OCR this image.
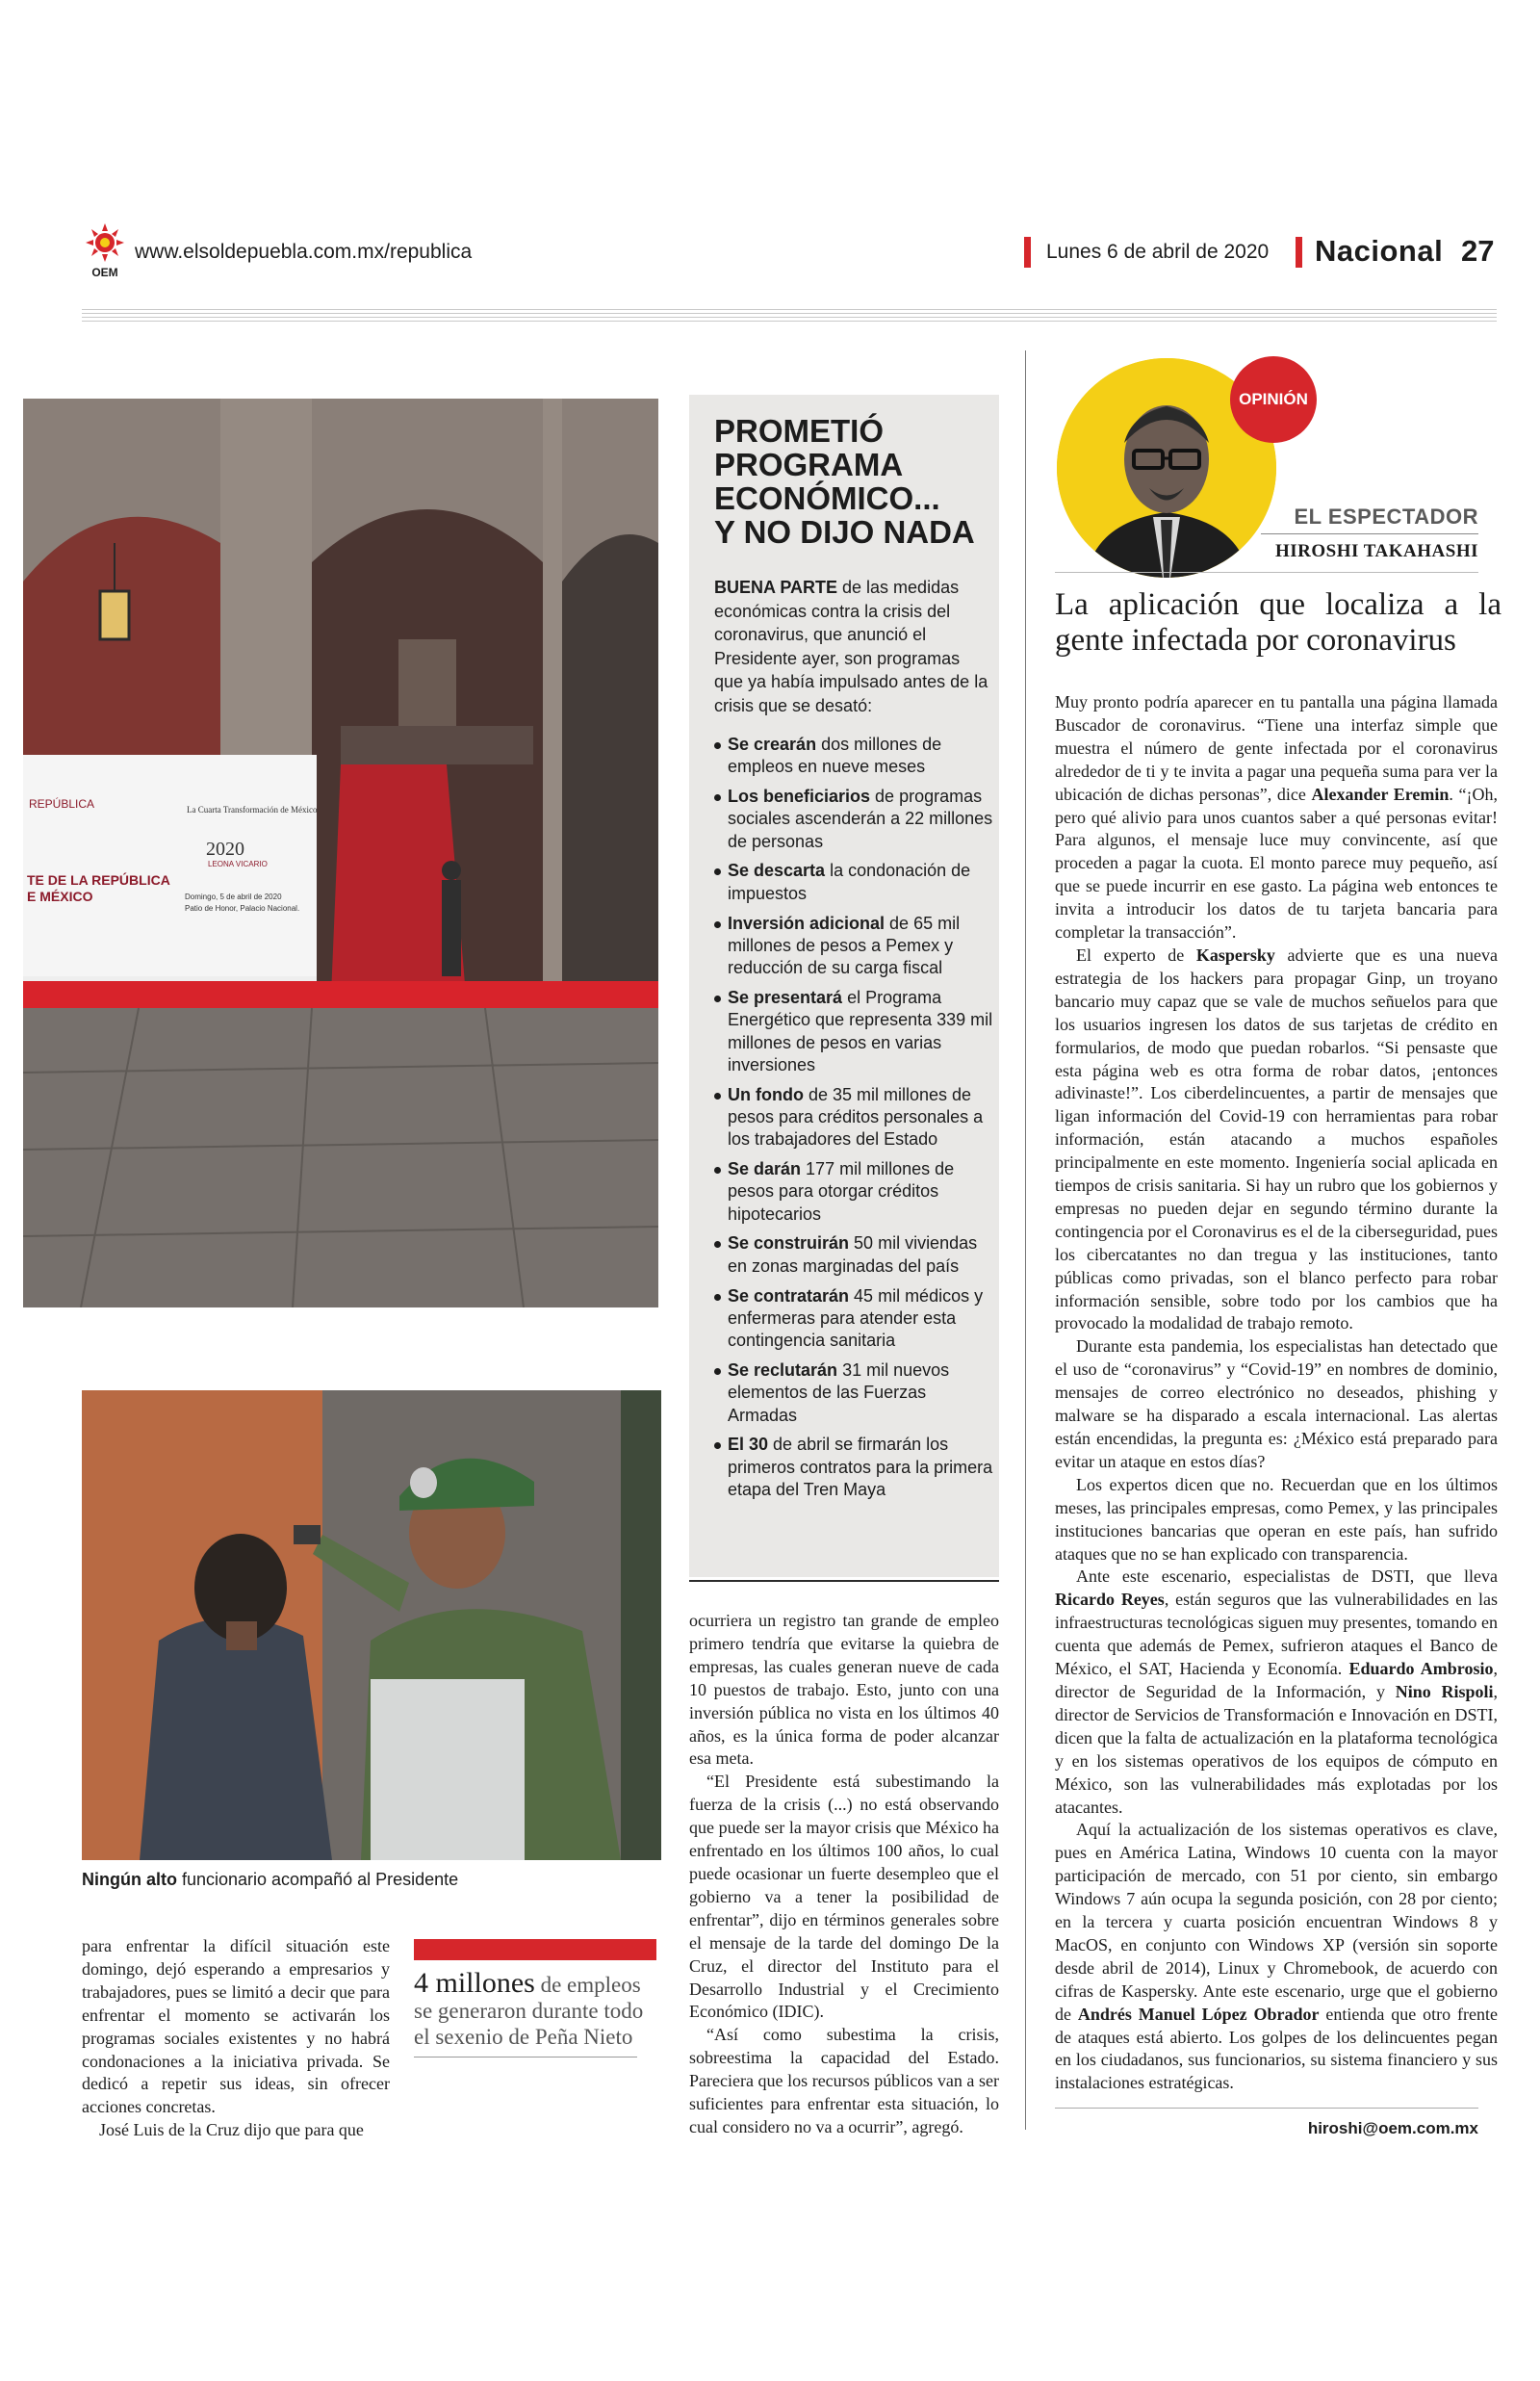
OEM
www.elsoldepuebla.com.mx/republica	Lunes 6 de abril de 2020 Nacional 27
REPÚBLICA	La Cuarta Transformación de México
2020
LEONA VICARIO
TE DE LA REPÚBLICA
E MÉXICO	Domingo, 5 de abril de 2020
Patio de Honor, Palacio Nacional.
Ningún alto funcionario acompañó al Presidente
PROMETIÓ
PROGRAMA
ECONÓMICO...
Y NO DIJO NADA
BUENA PARTE de las medidas económicas contra la crisis del coronavirus, que anunció el Presidente ayer, son programas que ya había impulsado antes de la crisis que se desató:
Se crearán dos millones de empleos en nueve meses
Los beneficiarios de programas sociales ascenderán a 22 millones de personas
Se descarta la condonación de impuestos
Inversión adicional de 65 mil millones de pesos a Pemex y reducción de su carga fiscal
Se presentará el Programa Energético que representa 339 mil millones de pesos en varias inversiones
Un fondo de 35 mil millones de pesos para créditos personales a los trabajadores del Estado
Se darán 177 mil millones de pesos para otorgar créditos hipotecarios
Se construirán 50 mil viviendas en zonas marginadas del país
Se contratarán 45 mil médicos y enfermeras para atender esta contingencia sanitaria
Se reclutarán 31 mil nuevos elementos de las Fuerzas Armadas
El 30 de abril se firmarán los primeros contratos para la primera etapa del Tren Maya

para enfrentar la difícil situación este domingo, dejó esperando a empresarios y trabajadores, pues se limitó a decir que para enfrentar el momento se activarán los programas sociales existentes y no habrá condonaciones a la iniciativa privada. Se dedicó a repetir sus ideas, sin ofrecer acciones concretas.

José Luis de la Cruz dijo que para que

4 millones de empleos se generaron durante todo el sexenio de Peña Nieto

ocurriera un registro tan grande de empleo primero tendría que evitarse la quiebra de empresas, las cuales generan nueve de cada 10 puestos de trabajo. Esto, junto con una inversión pública no vista en los últimos 40 años, es la única forma de poder alcanzar esa meta.

“El Presidente está subestimando la fuerza de la crisis (...) no está observando que puede ser la mayor crisis que México ha enfrentado en los últimos 100 años, lo cual puede ocasionar un fuerte desempleo que el gobierno va a tener la posibilidad de enfrentar”, dijo en términos generales sobre el mensaje de la tarde del domingo De la Cruz, el director del Instituto para el Desarrollo Industrial y el Crecimiento Económico (IDIC).

“Así como subestima la crisis, sobreestima la capacidad del Estado. Pareciera que los recursos públicos van a ser suficientes para enfrentar esta situación, lo cual considero no va a ocurrir”, agregó.

OPINIÓN
EL ESPECTADOR
HIROSHI TAKAHASHI
La aplicación que localiza a la gente infectada por coronavirus

Muy pronto podría aparecer en tu pantalla una página llamada Buscador de coronavirus. “Tiene una interfaz simple que muestra el número de gente infectada por el coronavirus alrededor de ti y te invita a pagar una pequeña suma para ver la ubicación de dichas personas”, dice Alexander Eremin. “¡Oh, pero qué alivio para unos cuantos saber a qué personas evitar! Para algunos, el mensaje luce muy convincente, así que proceden a pagar la cuota. El monto parece muy pequeño, así que se puede incurrir en ese gasto. La página web entonces te invita a introducir los datos de tu tarjeta bancaria para completar la transacción”.

El experto de Kaspersky advierte que es una nueva estrategia de los hackers para propagar Ginp, un troyano bancario muy capaz que se vale de muchos señuelos para que los usuarios ingresen los datos de sus tarjetas de crédito en formularios, de modo que puedan robarlos. “Si pensaste que esta página web es otra forma de robar datos, ¡entonces adivinaste!”. Los ciberdelincuentes, a partir de mensajes que ligan información del Covid-19 con herramientas para robar información, están atacando a muchos españoles principalmente en este momento. Ingeniería social aplicada en tiempos de crisis sanitaria. Si hay un rubro que los gobiernos y empresas no pueden dejar en segundo término durante la contingencia por el Coronavirus es el de la ciberseguridad, pues los cibercatantes no dan tregua y las instituciones, tanto públicas como privadas, son el blanco perfecto para robar información sensible, sobre todo por los cambios que ha provocado la modalidad de trabajo remoto.

Durante esta pandemia, los especialistas han detectado que el uso de “coronavirus” y “Covid-19” en nombres de dominio, mensajes de correo electrónico no deseados, phishing y malware se ha disparado a escala internacional. Las alertas están encendidas, la pregunta es: ¿México está preparado para evitar un ataque en estos días?

Los expertos dicen que no. Recuerdan que en los últimos meses, las principales empresas, como Pemex, y las principales instituciones bancarias que operan en este país, han sufrido ataques que no se han explicado con transparencia.

Ante este escenario, especialistas de DSTI, que lleva Ricardo Reyes, están seguros que las vulnerabilidades en las infraestructuras tecnológicas siguen muy presentes, tomando en cuenta que además de Pemex, sufrieron ataques el Banco de México, el SAT, Hacienda y Economía. Eduardo Ambrosio, director de Seguridad de la Información, y Nino Rispoli, director de Servicios de Transformación e Innovación en DSTI, dicen que la falta de actualización en la plataforma tecnológica y en los sistemas operativos de los equipos de cómputo en México, son las vulnerabilidades más explotadas por los atacantes.

Aquí la actualización de los sistemas operativos es clave, pues en América Latina, Windows 10 cuenta con la mayor participación de mercado, con 51 por ciento, sin embargo Windows 7 aún ocupa la segunda posición, con 28 por ciento; en la tercera y cuarta posición encuentran Windows 8 y MacOS, en conjunto con Windows XP (versión sin soporte desde abril de 2014), Linux y Chromebook, de acuerdo con cifras de Kaspersky. Ante este escenario, urge que el gobierno de Andrés Manuel López Obrador entienda que otro frente de ataques está abierto. Los golpes de los delincuentes pegan en los ciudadanos, sus funcionarios, su sistema financiero y sus instalaciones estratégicas.

hiroshi@oem.com.mx
